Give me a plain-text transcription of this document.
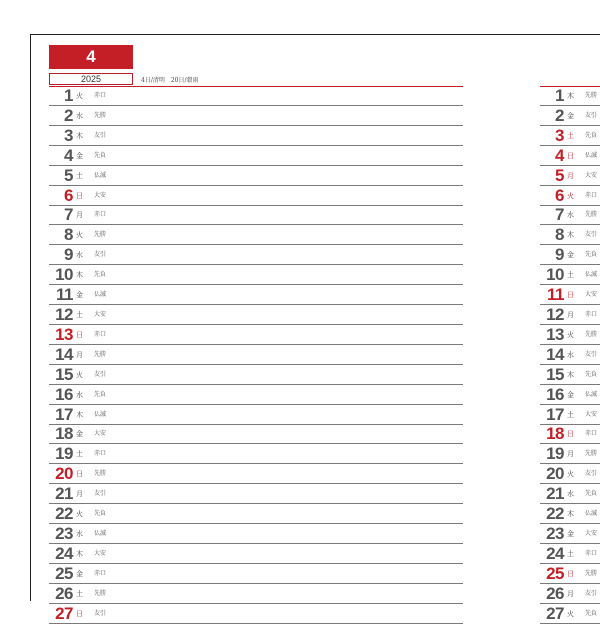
4
2025	4日/清明　20日/穀雨
1 火 赤口
2 水 先勝
3 木 友引
4 金 先負
5 土 仏滅
6 日 大安
7 月 赤口
8 火 先勝
9 水 友引
10 木 先負
11 金 仏滅
12 土 大安
13 日 赤口
14 月 先勝
15 火 友引
16 水 先負
17 木 仏滅
18 金 大安
19 土 赤口
20 日 先勝
21 月 友引
22 火 先負
23 水 仏滅
24 木 大安
25 金 赤口
26 土 先勝
27 日 友引
1 木 先勝
2 金 友引
3 土 先負
4 日 仏滅
5 月 大安
6 火 赤口
7 水 先勝
8 木 友引
9 金 先負
10 土 仏滅
11 日 大安
12 月 赤口
13 火 先勝
14 水 友引
15 木 先負
16 金 仏滅
17 土 大安
18 日 赤口
19 月 先勝
20 火 友引
21 水 先負
22 木 仏滅
23 金 大安
24 土 赤口
25 日 先勝
26 月 友引
27 火 先負
